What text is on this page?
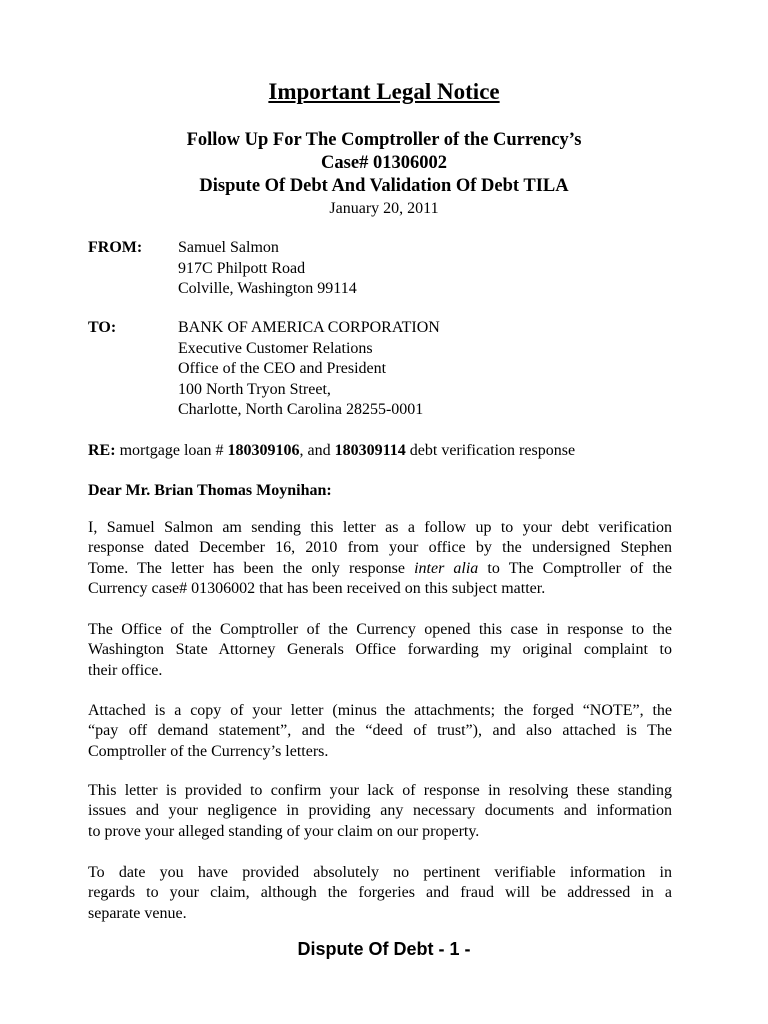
Important Legal Notice
Follow Up For The Comptroller of the Currency’s
Case# 01306002
Dispute Of Debt And Validation Of Debt TILA
January 20, 2011
FROM: Samuel Salmon
917C Philpott Road
Colville, Washington 99114
TO:	BANK OF AMERICA CORPORATION
Executive Customer Relations
Office of the CEO and President
100 North Tryon Street,
Charlotte, North Carolina 28255-0001
RE: mortgage loan # 180309106, and 180309114 debt verification response
Dear Mr. Brian Thomas Moynihan:
I, Samuel Salmon am sending this letter as a follow up to your debt verification
response dated December 16, 2010 from your office by the undersigned Stephen
Tome. The letter has been the only response inter alia to The Comptroller of the
Currency case# 01306002 that has been received on this subject matter.
The Office of the Comptroller of the Currency opened this case in response to the
Washington State Attorney Generals Office forwarding my original complaint to
their office.
Attached is a copy of your letter (minus the attachments; the forged “NOTE”, the
“pay off demand statement”, and the “deed of trust”), and also attached is The
Comptroller of the Currency’s letters.
This letter is provided to confirm your lack of response in resolving these standing
issues and your negligence in providing any necessary documents and information
to prove your alleged standing of your claim on our property.
To date you have provided absolutely no pertinent verifiable information in
regards to your claim, although the forgeries and fraud will be addressed in a
separate venue.
Dispute Of Debt - 1 -
